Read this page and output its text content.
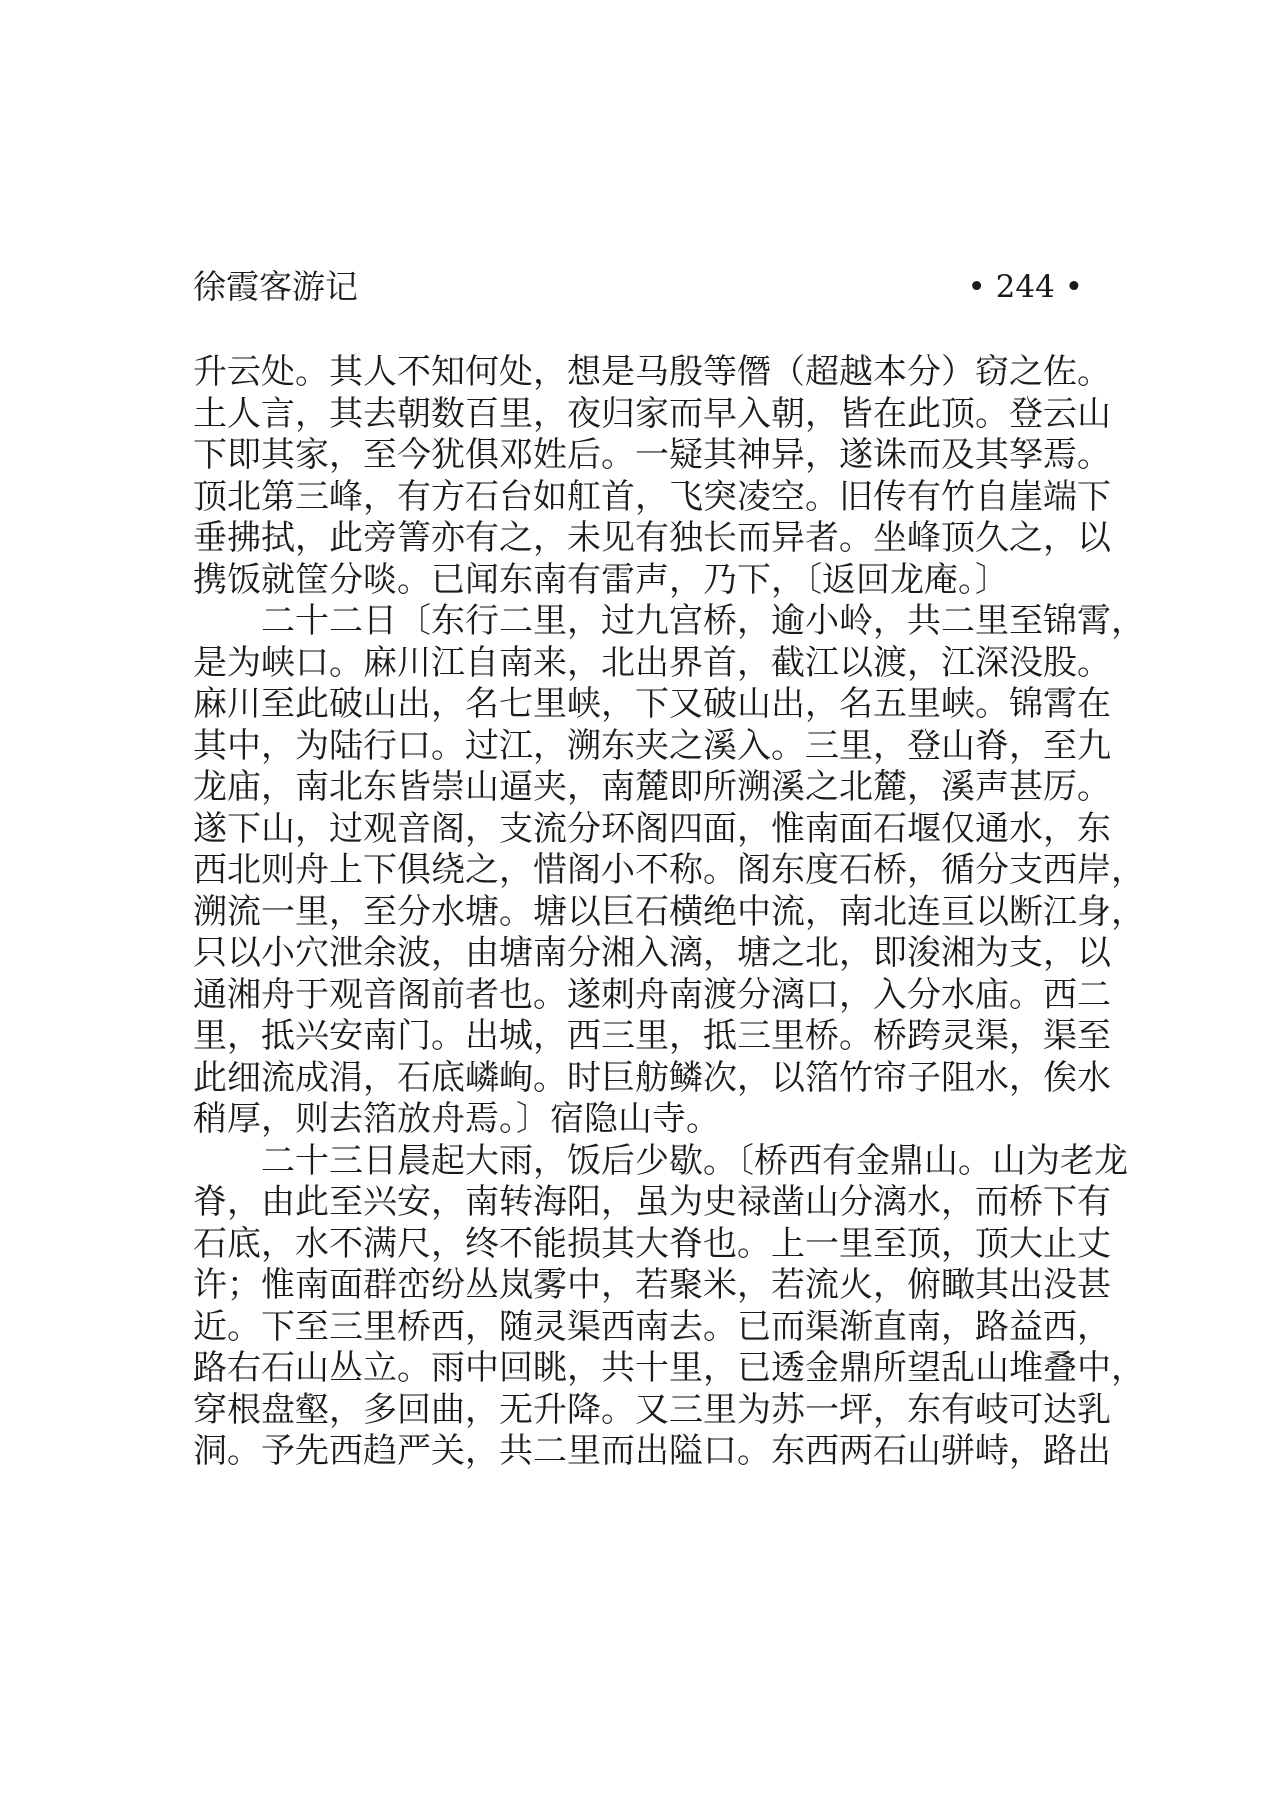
徐霞客游记	• 244 •
升云处。其人不知何处，想是马殷等僭（超越本分）窃之佐。
土人言，其去朝数百里，夜归家而早入朝，皆在此顶。登云山
下即其家，至今犹俱邓姓后。一疑其神异，遂诛而及其孥焉。
顶北第三峰，有方石台如舡首，飞突凌空。旧传有竹自崖端下
垂拂拭，此旁箐亦有之，未见有独长而异者。坐峰顶久之，以
携饭就筐分啖。已闻东南有雷声，乃下，〔返回龙庵。〕
二十二日〔东行二里，过九宫桥，逾小岭，共二里至锦霄，
是为峡口。麻川江自南来，北出界首，截江以渡，江深没股。
麻川至此破山出，名七里峡，下又破山出，名五里峡。锦霄在
其中，为陆行口。过江，溯东夹之溪入。三里，登山脊，至九
龙庙，南北东皆崇山逼夹，南麓即所溯溪之北麓，溪声甚厉。
遂下山，过观音阁，支流分环阁四面，惟南面石堰仅通水，东
西北则舟上下俱绕之，惜阁小不称。阁东度石桥，循分支西岸，
溯流一里，至分水塘。塘以巨石横绝中流，南北连亘以断江身，
只以小穴泄余波，由塘南分湘入漓，塘之北，即浚湘为支，以
通湘舟于观音阁前者也。遂刺舟南渡分漓口，入分水庙。西二
里，抵兴安南门。出城，西三里，抵三里桥。桥跨灵渠，渠至
此细流成涓，石底嶙峋。时巨舫鳞次，以箔竹帘子阻水，俟水
稍厚，则去箔放舟焉。〕宿隐山寺。
二十三日晨起大雨，饭后少歇。〔桥西有金鼎山。山为老龙
脊，由此至兴安，南转海阳，虽为史禄凿山分漓水，而桥下有
石底，水不满尺，终不能损其大脊也。上一里至顶，顶大止丈
许；惟南面群峦纷丛岚雾中，若聚米，若流火，俯瞰其出没甚
近。下至三里桥西，随灵渠西南去。已而渠渐直南，路益西，
路右石山丛立。雨中回眺，共十里，已透金鼎所望乱山堆叠中，
穿根盘壑，多回曲，无升降。又三里为苏一坪，东有岐可达乳
洞。予先西趋严关，共二里而出隘口。东西两石山骈峙，路出
